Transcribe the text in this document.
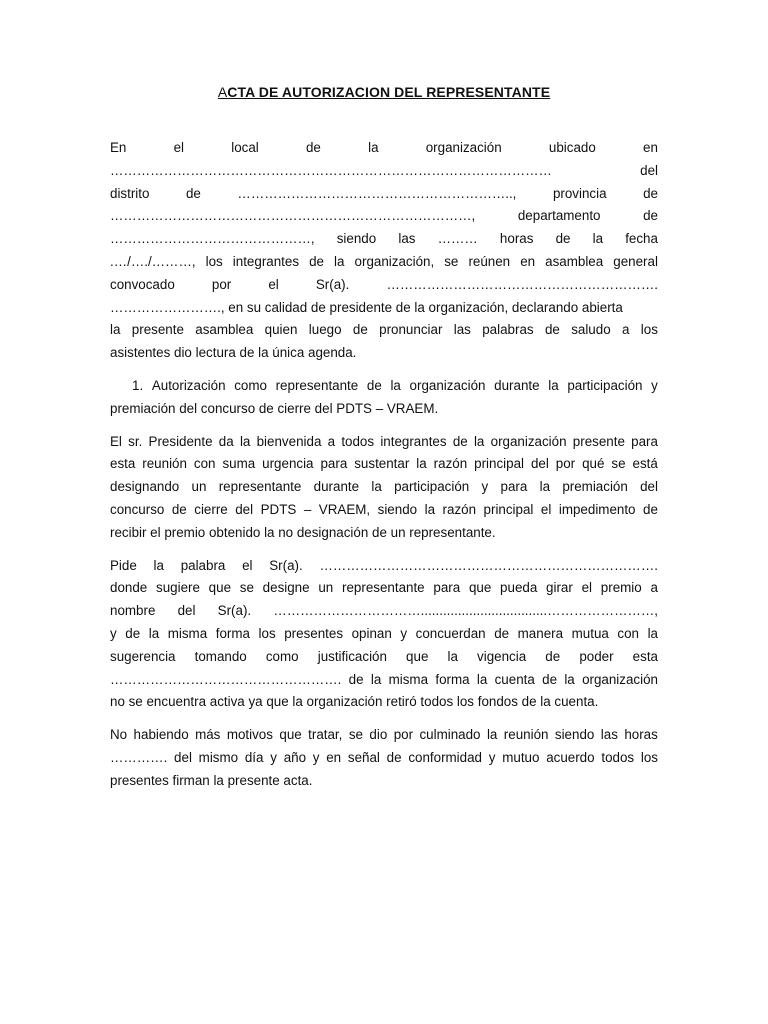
ACTA DE AUTORIZACION DEL REPRESENTANTE
En	el	local	de	la	organización	ubicado	en
………………………………………………………………………………………	del
distrito	de	……………………………………………………..,	provincia	de
………………………………………………………………………,	departamento	de
………………………………………, siendo las ……… horas de la fecha
.…/…./………, los integrantes de la organización, se reúnen en asamblea general
convocado	por	el	Sr(a).	…………………………………………………….
……………………., en su calidad de presidente de la organización, declarando abierta
la presente asamblea quien luego de pronunciar las palabras de saludo a los
asistentes dio lectura de la única agenda.
1. Autorización como representante de la organización durante la participación y
premiación del concurso de cierre del PDTS – VRAEM.
El sr. Presidente da la bienvenida a todos integrantes de la organización presente para
esta reunión con suma urgencia para sustentar la razón principal del por qué se está
designando un representante durante la participación y para la premiación del
concurso de cierre del PDTS – VRAEM, siendo la razón principal el impedimento de
recibir el premio obtenido la no designación de un representante.
Pide la palabra el Sr(a). ………………………………………………………………….
donde sugiere que se designe un representante para que pueda girar el premio a
nombre del Sr(a). ……………………………..................................……………………,
y de la misma forma los presentes opinan y concuerdan de manera mutua con la
sugerencia tomando como justificación que la vigencia de poder esta
……………………………………………. de la misma forma la cuenta de la organización
no se encuentra activa ya que la organización retiró todos los fondos de la cuenta.
No habiendo más motivos que tratar, se dio por culminado la reunión siendo las horas
…………. del mismo día y año y en señal de conformidad y mutuo acuerdo todos los
presentes firman la presente acta.
